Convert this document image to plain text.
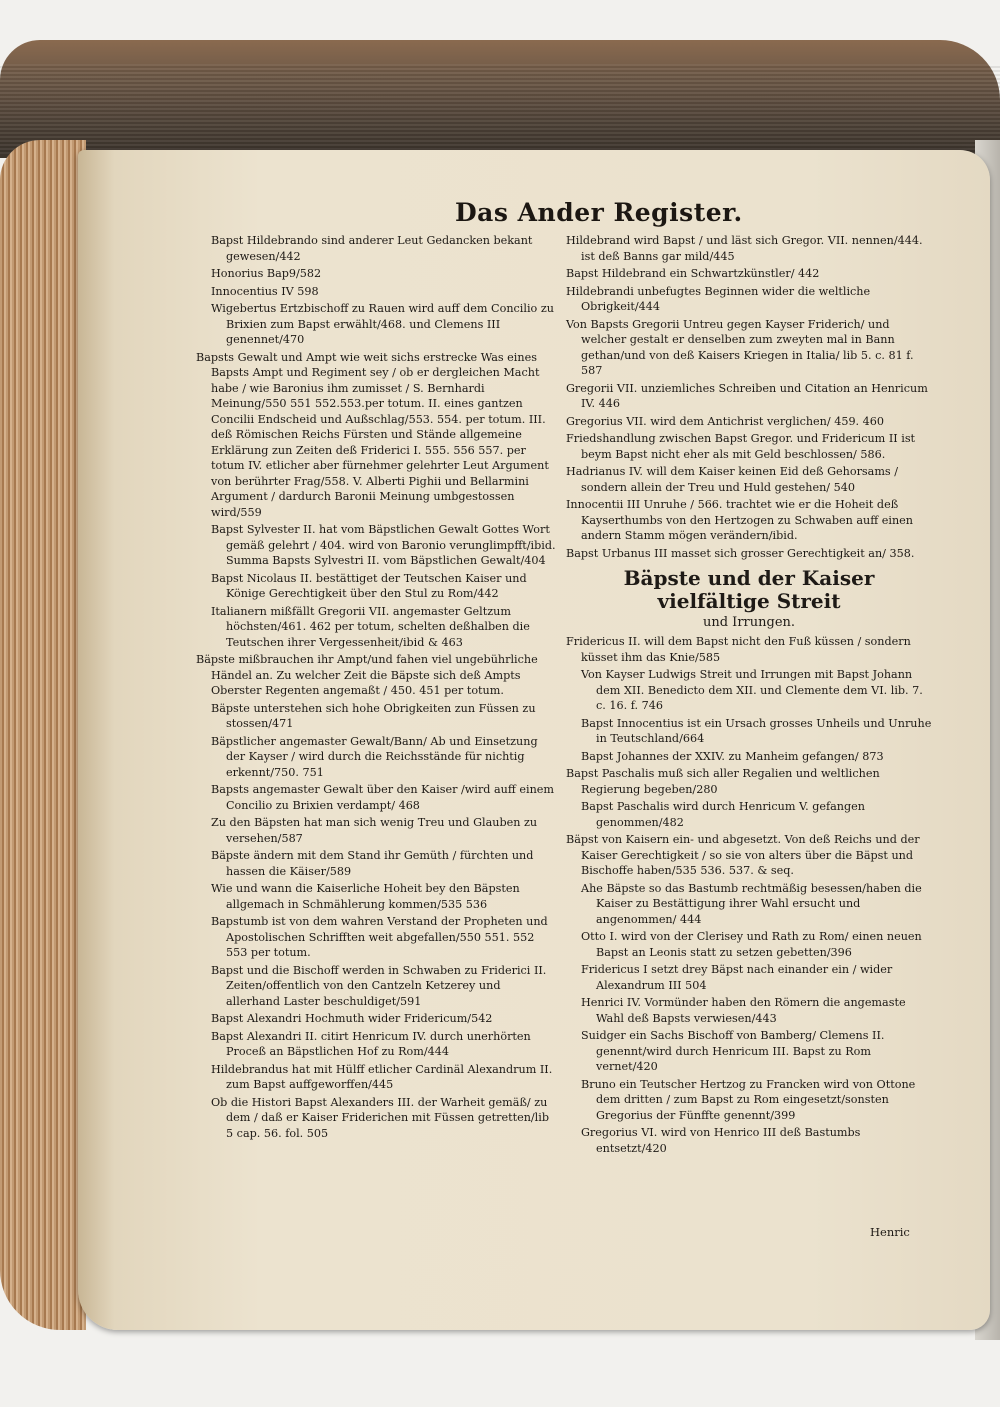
Das Ander Register.
Bapst Hildebrando sind anderer Leut Gedancken bekant gewesen/442
Honorius Bap9/582
Innocentius IV 598
Wigebertus Ertzbischoff zu Rauen wird auff dem Concilio zu Brixien zum Bapst erwählt/468. und Clemens III genennet/470
Bapsts Gewalt und Ampt wie weit sichs erstrecke Was eines Bapsts Ampt und Regiment sey / ob er dergleichen Macht habe / wie Baronius ihm zumisset / S. Bernhardi Meinung/550 551 552.553.per totum. II. eines gantzen Concilii Endscheid und Außschlag/553. 554. per totum. III. deß Römischen Reichs Fürsten und Stände allgemeine Erklärung zun Zeiten deß Friderici I. 555. 556 557. per totum IV. etlicher aber fürnehmer gelehrter Leut Argument von berührter Frag/558. V. Alberti Pighii und Bellarmini Argument / dardurch Baronii Meinung umbgestossen wird/559
Bapst Sylvester II. hat vom Bäpstlichen Gewalt Gottes Wort gemäß gelehrt / 404. wird von Baronio verunglimpfft/ibid. Summa Bapsts Sylvestri II. vom Bäpstlichen Gewalt/404
Bapst Nicolaus II. bestättiget der Teutschen Kaiser und Könige Gerechtigkeit über den Stul zu Rom/442
Italianern mißfällt Gregorii VII. angemaster Geltzum höchsten/461. 462 per totum, schelten deßhalben die Teutschen ihrer Vergessenheit/ibid & 463
Bäpste mißbrauchen ihr Ampt/und fahen viel ungebührliche Händel an. Zu welcher Zeit die Bäpste sich deß Ampts Oberster Regenten angemaßt / 450. 451 per totum.
Bäpste unterstehen sich hohe Obrigkeiten zun Füssen zu stossen/471
Bäpstlicher angemaster Gewalt/Bann/ Ab und Einsetzung der Kayser / wird durch die Reichsstände für nichtig erkennt/750. 751
Bapsts angemaster Gewalt über den Kaiser /wird auff einem Concilio zu Brixien verdampt/ 468
Zu den Bäpsten hat man sich wenig Treu und Glauben zu versehen/587
Bäpste ändern mit dem Stand ihr Gemüth / fürchten und hassen die Käiser/589
Wie und wann die Kaiserliche Hoheit bey den Bäpsten allgemach in Schmählerung kommen/535 536
Bapstumb ist von dem wahren Verstand der Propheten und Apostolischen Schrifften weit abgefallen/550 551. 552 553 per totum.
Bapst und die Bischoff werden in Schwaben zu Friderici II. Zeiten/offentlich von den Cantzeln Ketzerey und allerhand Laster beschuldiget/591
Bapst Alexandri Hochmuth wider Fridericum/542
Bapst Alexandri II. citirt Henricum IV. durch unerhörten Proceß an Bäpstlichen Hof zu Rom/444
Hildebrandus hat mit Hülff etlicher Cardinäl Alexandrum II. zum Bapst auffgeworffen/445
Ob die Histori Bapst Alexanders III. der Warheit gemäß/ zu dem / daß er Kaiser Friderichen mit Füssen getretten/lib 5 cap. 56. fol. 505
Hildebrand wird Bapst / und läst sich Gregor. VII. nennen/444. ist deß Banns gar mild/445
Bapst Hildebrand ein Schwartzkünstler/ 442
Hildebrandi unbefugtes Beginnen wider die weltliche Obrigkeit/444
Von Bapsts Gregorii Untreu gegen Kayser Friderich/ und welcher gestalt er denselben zum zweyten mal in Bann gethan/und von deß Kaisers Kriegen in Italia/ lib 5. c. 81 f. 587
Gregorii VII. unziemliches Schreiben und Citation an Henricum IV. 446
Gregorius VII. wird dem Antichrist verglichen/ 459. 460
Friedshandlung zwischen Bapst Gregor. und Fridericum II ist beym Bapst nicht eher als mit Geld beschlossen/ 586.
Hadrianus IV. will dem Kaiser keinen Eid deß Gehorsams / sondern allein der Treu und Huld gestehen/ 540
Innocentii III Unruhe / 566. trachtet wie er die Hoheit deß Kayserthumbs von den Hertzogen zu Schwaben auff einen andern Stamm mögen verändern/ibid.
Bapst Urbanus III masset sich grosser Gerechtigkeit an/ 358.
Bäpste und der Kaiser vielfältige Streit
und Irrungen.
Fridericus II. will dem Bapst nicht den Fuß küssen / sondern küsset ihm das Knie/585
Von Kayser Ludwigs Streit und Irrungen mit Bapst Johann dem XII. Benedicto dem XII. und Clemente dem VI. lib. 7. c. 16. f. 746
Bapst Innocentius ist ein Ursach grosses Unheils und Unruhe in Teutschland/664
Bapst Johannes der XXIV. zu Manheim gefangen/ 873
Bapst Paschalis muß sich aller Regalien und weltlichen Regierung begeben/280
Bapst Paschalis wird durch Henricum V. gefangen genommen/482
Bäpst von Kaisern ein- und abgesetzt. Von deß Reichs und der Kaiser Gerechtigkeit / so sie von alters über die Bäpst und Bischoffe haben/535 536. 537. & seq.
Ahe Bäpste so das Bastumb rechtmäßig besessen/haben die Kaiser zu Bestättigung ihrer Wahl ersucht und angenommen/ 444
Otto I. wird von der Clerisey und Rath zu Rom/ einen neuen Bapst an Leonis statt zu setzen gebetten/396
Fridericus I setzt drey Bäpst nach einander ein / wider Alexandrum III 504
Henrici IV. Vormünder haben den Römern die angemaste Wahl deß Bapsts verwiesen/443
Suidger ein Sachs Bischoff von Bamberg/ Clemens II. genennt/wird durch Henricum III. Bapst zu Rom vernet/420
Bruno ein Teutscher Hertzog zu Francken wird von Ottone dem dritten / zum Bapst zu Rom eingesetzt/sonsten Gregorius der Fünffte genennt/399
Gregorius VI. wird von Henrico III deß Bastumbs entsetzt/420
Henric
